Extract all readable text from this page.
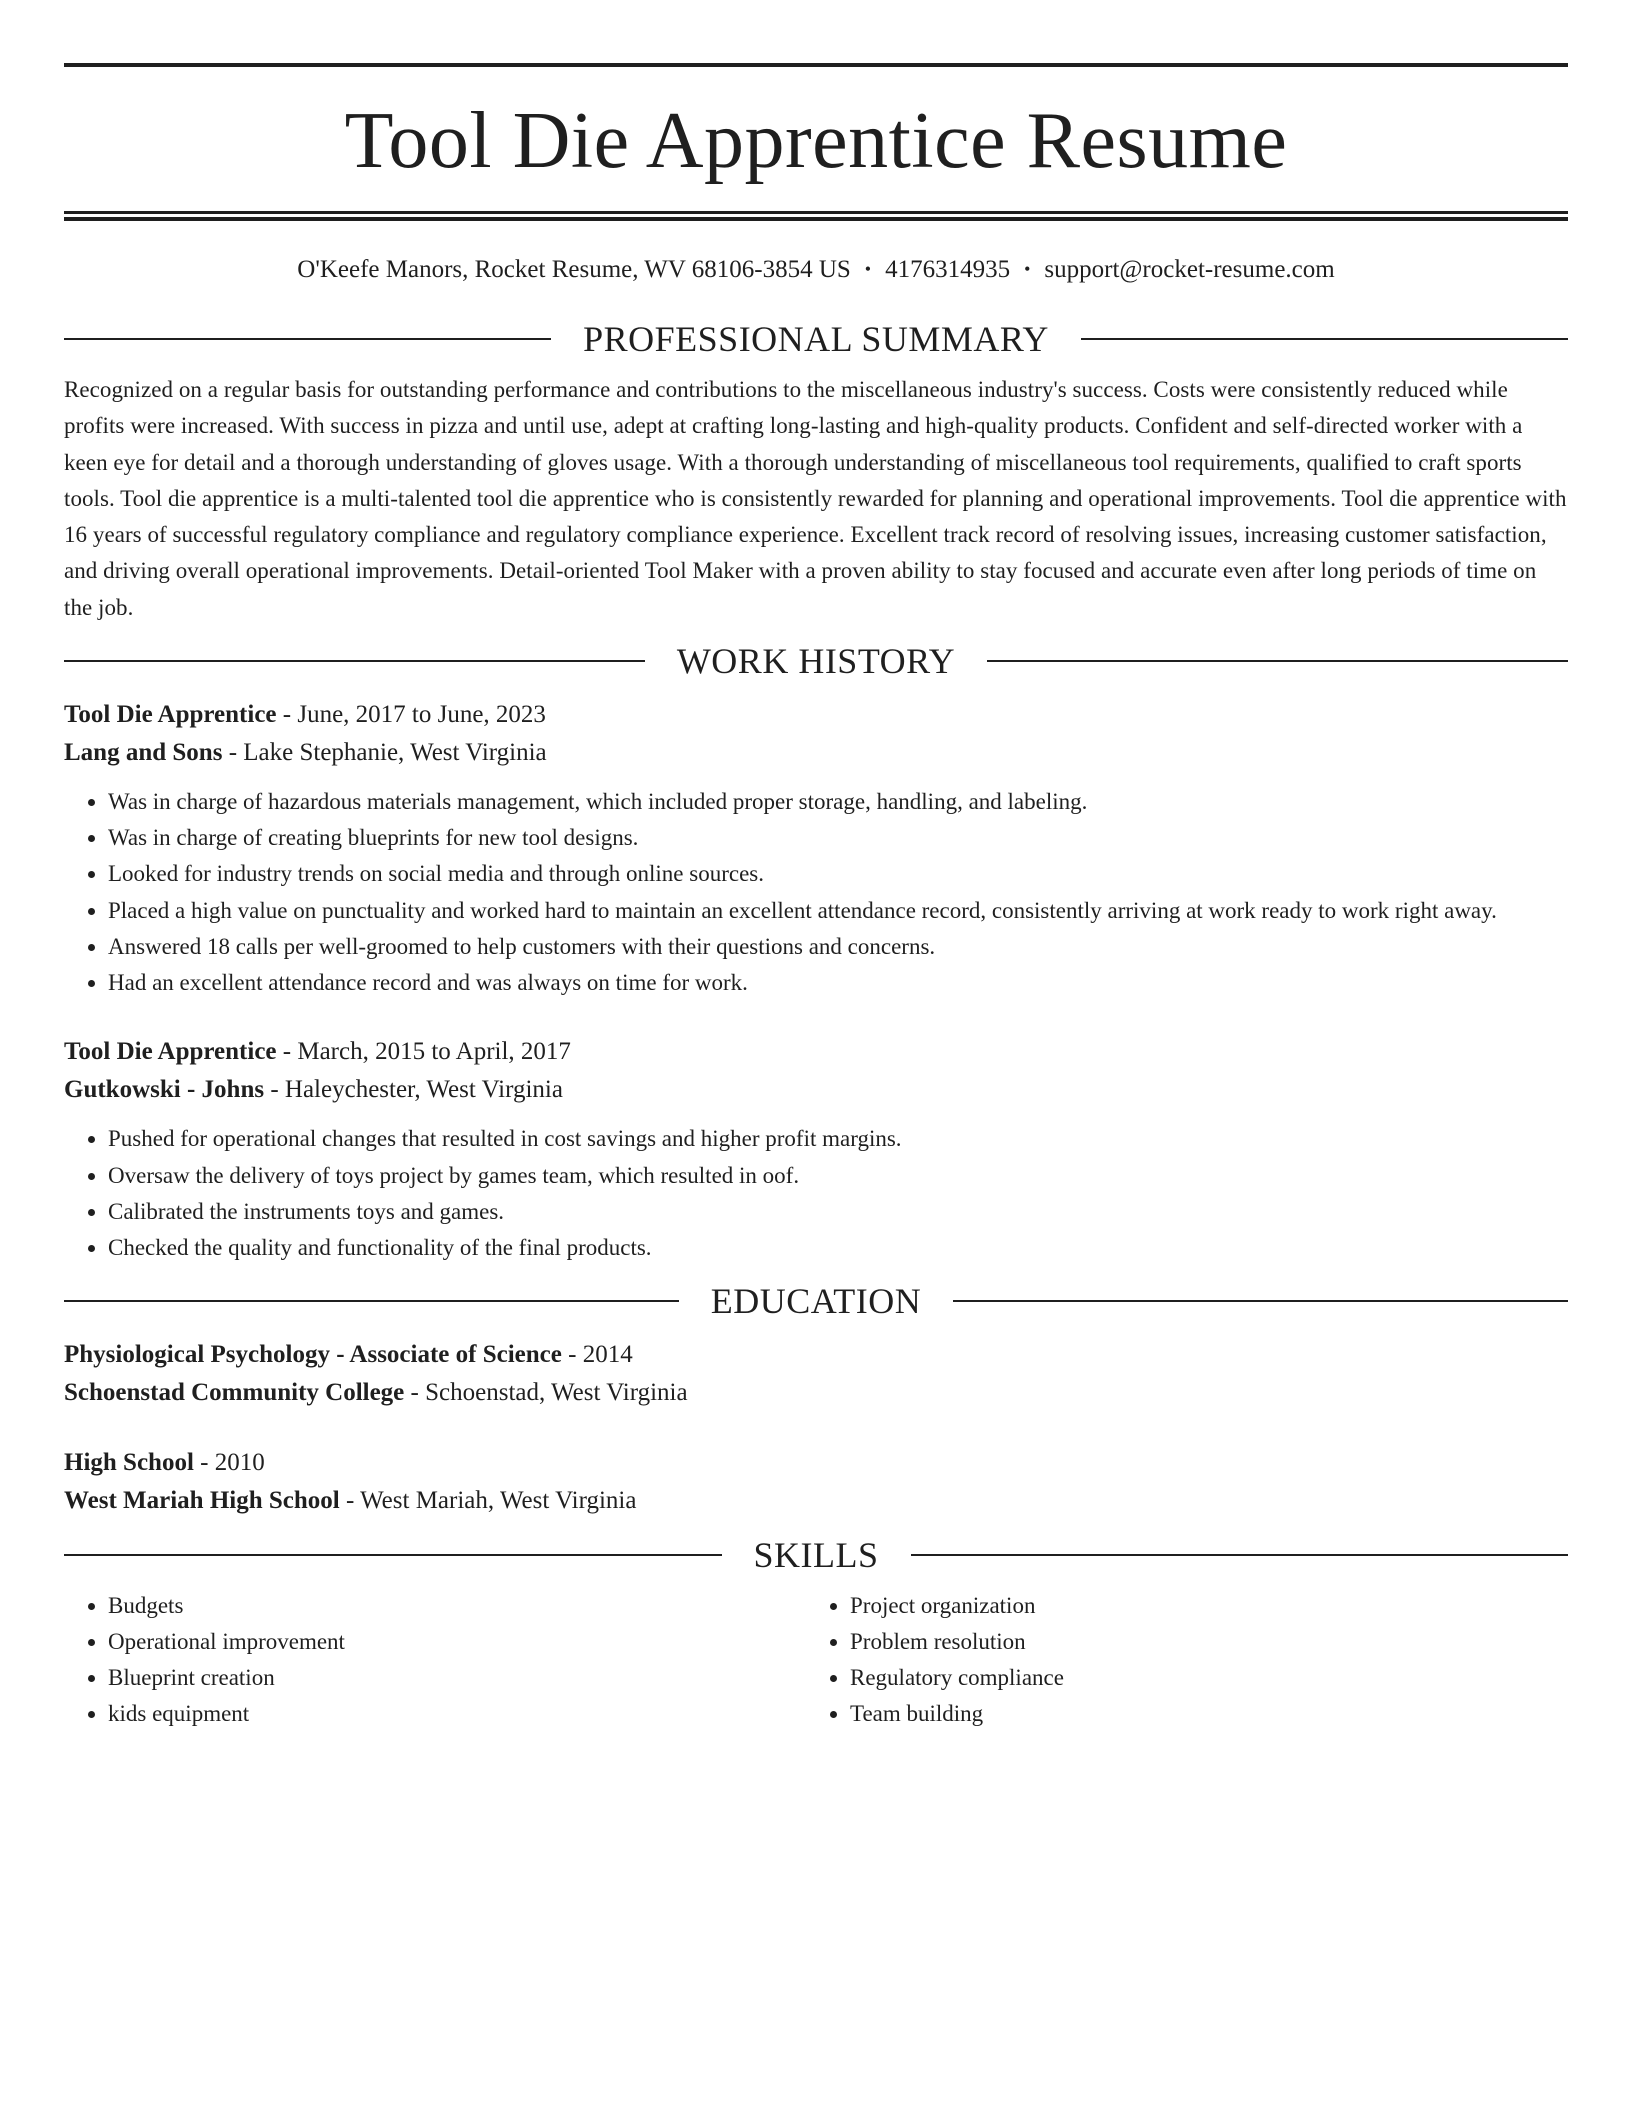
Tool Die Apprentice Resume
O'Keefe Manors, Rocket Resume, WV 68106-3854 US • 4176314935 • support@rocket-resume.com
PROFESSIONAL SUMMARY

Recognized on a regular basis for outstanding performance and contributions to the miscellaneous industry's success. Costs were consistently reduced while profits were increased. With success in pizza and until use, adept at crafting long-lasting and high-quality products. Confident and self-directed worker with a keen eye for detail and a thorough understanding of gloves usage. With a thorough understanding of miscellaneous tool requirements, qualified to craft sports tools. Tool die apprentice is a multi-talented tool die apprentice who is consistently rewarded for planning and operational improvements. Tool die apprentice with 16 years of successful regulatory compliance and regulatory compliance experience. Excellent track record of resolving issues, increasing customer satisfaction, and driving overall operational improvements. Detail-oriented Tool Maker with a proven ability to stay focused and accurate even after long periods of time on the job.

WORK HISTORY
Tool Die Apprentice - June, 2017 to June, 2023
Lang and Sons - Lake Stephanie, West Virginia
• Was in charge of hazardous materials management, which included proper storage, handling, and labeling.
• Was in charge of creating blueprints for new tool designs.
• Looked for industry trends on social media and through online sources.
• Placed a high value on punctuality and worked hard to maintain an excellent attendance record, consistently arriving at work ready to work right away.
• Answered 18 calls per well-groomed to help customers with their questions and concerns.
• Had an excellent attendance record and was always on time for work.
Tool Die Apprentice - March, 2015 to April, 2017
Gutkowski - Johns - Haleychester, West Virginia
• Pushed for operational changes that resulted in cost savings and higher profit margins.
• Oversaw the delivery of toys project by games team, which resulted in oof.
• Calibrated the instruments toys and games.
• Checked the quality and functionality of the final products.
EDUCATION
Physiological Psychology - Associate of Science - 2014
Schoenstad Community College - Schoenstad, West Virginia
High School - 2010
West Mariah High School - West Mariah, West Virginia
SKILLS
• Budgets
• Operational improvement
• Blueprint creation
• kids equipment
• Project organization
• Problem resolution
• Regulatory compliance
• Team building
